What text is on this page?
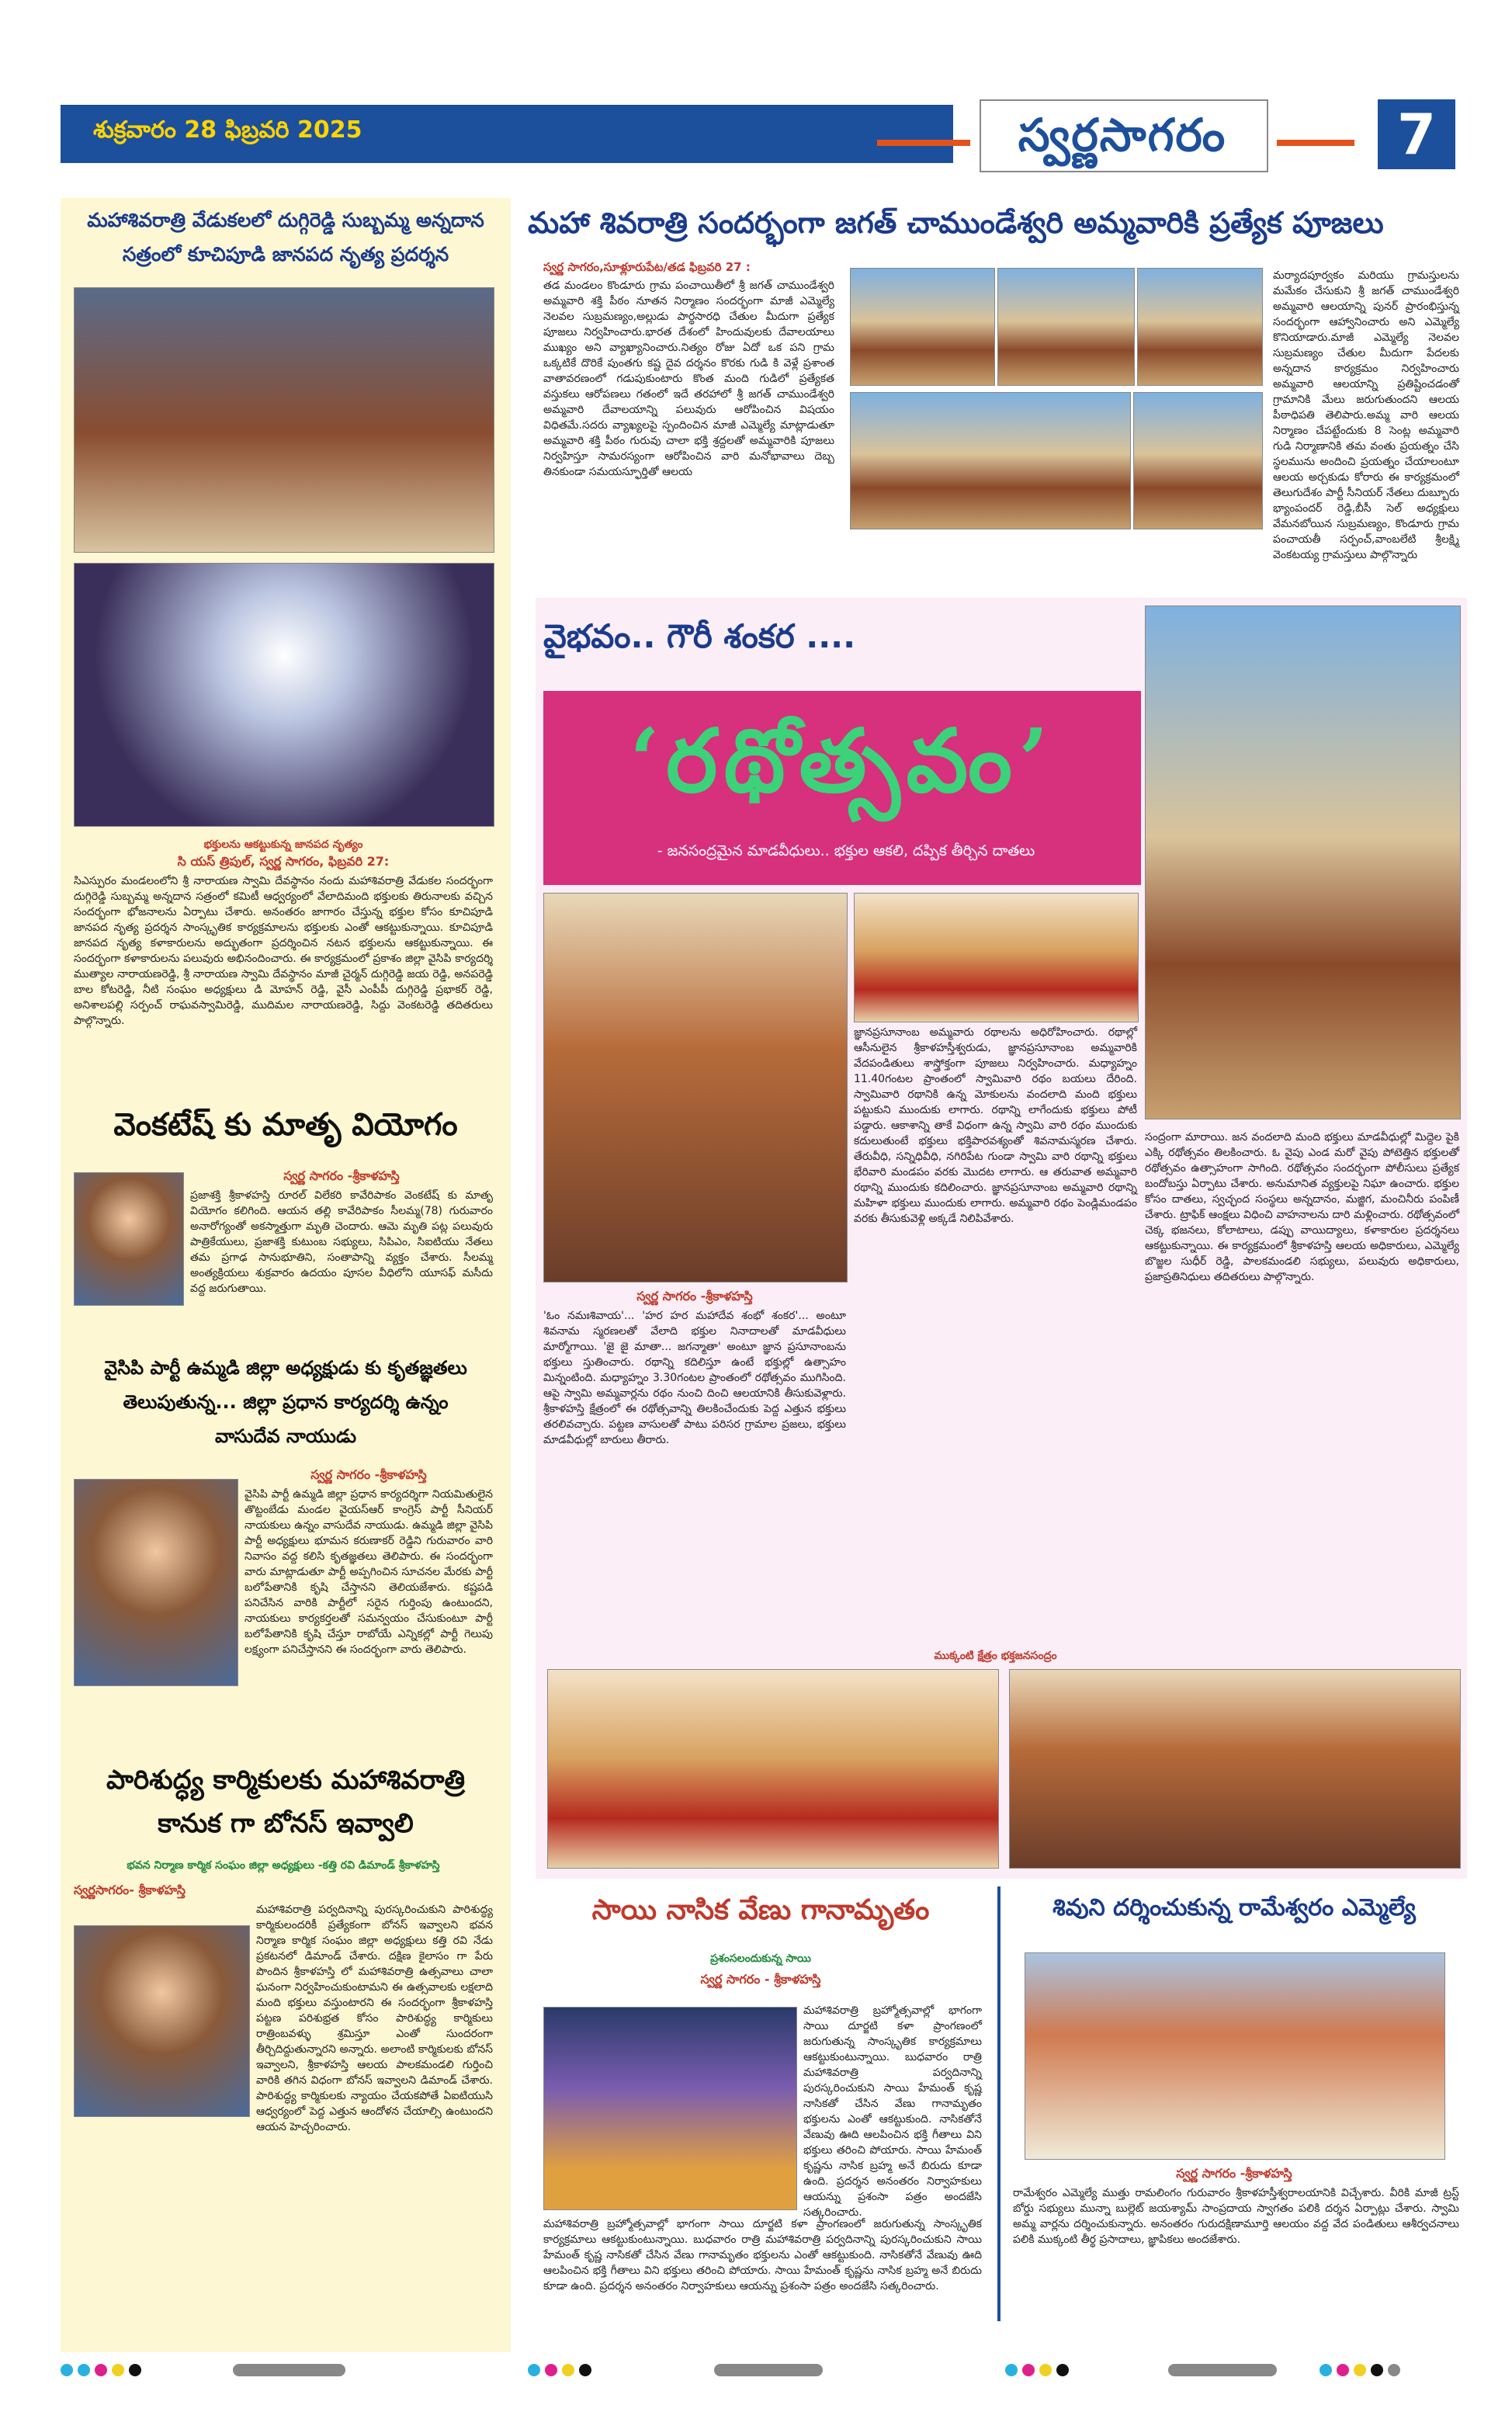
శుక్రవారం 28 ఫిబ్రవరి 2025	స్వర్ణసాగరం	7
మహాశివరాత్రి వేడుకలలో దుగ్గిరెడ్డి సుబ్బమ్మ అన్నదాన
సత్రంలో కూచిపూడి జానపద నృత్య ప్రదర్శన
భక్తులను ఆకట్టుకున్న జానపద నృత్యం
సి యస్ త్రిపుల్, స్వర్ణ సాగరం, ఫిబ్రవరి 27:
సిఎస్పురం మండలంలోని శ్రీ నారాయణ స్వామి దేవస్థానం నందు మహాశివరాత్రి వేడుకల సందర్భంగా దుగ్గిరెడ్డి సుబ్బమ్మ అన్నదాన సత్రంలో కమిటీ ఆధ్వర్యంలో వేలాదిమంది భక్తులకు తిరునాలకు వచ్చిన సందర్భంగా భోజనాలను ఏర్పాటు చేశారు. అనంతరం జాగారం చేస్తున్న భక్తుల కోసం కూచిపూడి జానపద నృత్య ప్రదర్శన సాంస్కృతిక కార్యక్రమాలను భక్తులకు ఎంతో ఆకట్టుకున్నాయి. కూచిపూడి జానపద నృత్య కళాకారులను అద్భుతంగా ప్రదర్శించిన నటన భక్తులను ఆకట్టుకున్నాయి. ఈ సందర్భంగా కళాకారులను పలువురు అభినందించారు. ఈ కార్యక్రమంలో ప్రకాశం జిల్లా వైసిపి కార్యదర్శి ముత్యాల నారాయణరెడ్డి, శ్రీ నారాయణ స్వామి దేవస్థానం మాజీ చైర్మన్ దుగ్గిరెడ్డి జయ రెడ్డి, అనపరెడ్డి బాల కోటరెడ్డి, నీటి సంఘం అధ్యక్షులు డి మోహన్ రెడ్డి, వైసీ ఎంపీపీ దుగ్గిరెడ్డి ప్రభాకర్ రెడ్డి, అనిశాలపల్లి సర్పంచ్ రాఘవస్వామిరెడ్డి, ముదిమల నారాయణరెడ్డి, సిద్దు వెంకటరెడ్డి తదితరులు పాల్గొన్నారు.
వెంకటేష్ కు మాతృ వియోగం
స్వర్ణ సాగరం -శ్రీకాళహస్తి
ప్రజాశక్తి శ్రీకాళహస్తి రూరల్ విలేకరి కావేరిపాకం వెంకటేష్ కు మాతృ వియోగం కలిగింది. ఆయన తల్లి కావేరిపాకం సీలమ్మ(78) గురువారం అనారోగ్యంతో అకస్మాత్తుగా మృతి చెందారు. ఆమె మృతి పట్ల పలువురు పాత్రికేయులు, ప్రజాశక్తి కుటుంబ సభ్యులు, సిపిఎం, సిఐటియు నేతలు తమ ప్రగాఢ సానుభూతిని, సంతాపాన్ని వ్యక్తం చేశారు. సీలమ్మ అంత్యక్రియలు శుక్రవారం ఉదయం పూసల వీధిలోని యూసఫ్ మసీదు వద్ద జరుగుతాయి.
వైసిపి పార్టీ ఉమ్మడి జిల్లా అధ్యక్షుడు కు కృతజ్ఞతలు
తెలుపుతున్న... జిల్లా ప్రధాన కార్యదర్శి ఉన్నం
వాసుదేవ నాయుడు
స్వర్ణ సాగరం -శ్రీకాళహస్తి
వైసిపి పార్టీ ఉమ్మడి జిల్లా ప్రధాన కార్యదర్శిగా నియమితులైన తొట్టంబేడు మండల వైయస్ఆర్ కాంగ్రెస్ పార్టీ సీనియర్ నాయకులు ఉన్నం వాసుదేవ నాయుడు. ఉమ్మడి జిల్లా వైసిపి పార్టీ అధ్యక్షులు భూమన కరుణాకర్ రెడ్డిని గురువారం వారి నివాసం వద్ద కలిసి కృతజ్ఞతలు తెలిపారు. ఈ సందర్భంగా వారు మాట్లాడుతూ పార్టీ అప్పగించిన సూచనల మేరకు పార్టీ బలోపేతానికి కృషి చేస్తానని తెలియజేశారు. కష్టపడి పనిచేసిన వారికి పార్టీలో సరైన గుర్తింపు ఉంటుందని, నాయకులు కార్యకర్తలతో సమన్వయం చేసుకుంటూ పార్టీ బలోపేతానికి కృషి చేస్తూ రాబోయే ఎన్నికల్లో పార్టీ గెలుపు లక్ష్యంగా పనిచేస్తానని ఈ సందర్భంగా వారు తెలిపారు.
పారిశుద్ధ్య కార్మికులకు మహాశివరాత్రి
కానుక గా బోనస్ ఇవ్వాలి
భవన నిర్మాణ కార్మిక సంఘం జిల్లా అధ్యక్షులు -కత్తి రవి డిమాండ్ శ్రీకాళహస్తి
స్వర్ణసాగరం- శ్రీకాళహస్తి
మహాశివరాత్రి పర్వదినాన్ని పురస్కరించుకుని పారిశుద్ధ్య కార్మికులందరికీ ప్రత్యేకంగా బోనస్ ఇవ్వాలని భవన నిర్మాణ కార్మిక సంఘం జిల్లా అధ్యక్షులు కత్తి రవి నేడు ప్రకటనలో డిమాండ్ చేశారు. దక్షిణ కైలాసం గా పేరు పొందిన శ్రీకాళహస్తి లో మహాశివరాత్రి ఉత్సవాలు చాలా ఘనంగా నిర్వహించుకుంటామని ఈ ఉత్సవాలకు లక్షలాది మంది భక్తులు వస్తుంటారని ఈ సందర్భంగా శ్రీకాళహస్తి పట్టణ పరిశుభ్రత కోసం పారిశుద్ధ్య కార్మికులు రాత్రింబవళ్ళు శ్రమిస్తూ ఎంతో సుందరంగా తీర్చిదిద్దుతున్నారని అన్నారు. అలాంటి కార్మికులకు బోనస్ ఇవ్వాలని, శ్రీకాళహస్తి ఆలయ పాలకమండలి గుర్తించి వారికి తగిన విధంగా బోనస్ ఇవ్వాలని డిమాండ్ చేశారు. పారిశుద్ధ్య కార్మికులకు న్యాయం చేయకపోతే ఏఐటియుసి ఆధ్వర్యంలో పెద్ద ఎత్తున ఆందోళన చేయాల్సి ఉంటుందని ఆయన హెచ్చరించారు.
మహా శివరాత్రి సందర్భంగా జగత్ చాముండేశ్వరి అమ్మవారికి ప్రత్యేక పూజలు
స్వర్ణ సాగరం,సూళ్లూరుపేట/తడ ఫిబ్రవరి 27 :
తడ మండలం కొండూరు గ్రామ పంచాయితీలో శ్రీ జగత్ చాముండేశ్వరి అమ్మవారి శక్తి పీఠం నూతన నిర్మాణం సందర్భంగా మాజీ ఎమ్మెల్యే నెలవల సుబ్రమణ్యం,అల్లుడు పార్థసారధి చేతుల మీదుగా ప్రత్యేక పూజలు నిర్వహించారు.భారత దేశంలో హిందువులకు దేవాలయాలు ముఖ్యం అని వ్యాఖ్యానించారు.నిత్యం రోజు ఏదో ఒక పని గ్రామ ఒక్కటికే దొరికే పుంతగు కష్ట దైవ దర్శనం కొరకు గుడి కి వెళ్లే ప్రశాంత వాతావరణంలో గడుపుకుంటారు కొంత మంది గుడిలో ప్రత్యేకత వస్తుకలు ఆరోపణలు గతంలో ఇదే తరహాలో శ్రీ జగత్ చాముండేశ్వరి అమ్మవారి దేవాలయాన్ని పలువురు ఆరోపించిన విషయం విధితమే.సదరు వ్యాఖ్యలపై స్పందించిన మాజీ ఎమ్మెల్యే మాట్లాడుతూ అమ్మవారి శక్తి పీఠం గురువు చాలా భక్తి శ్రద్దలతో అమ్మవారికి పూజలు నిర్వహిస్తూ సామరస్యంగా ఆరోపించిన వారి మనోభావాలు దెబ్బ తినకుండా సమయస్ఫూర్తితో ఆలయ
మర్యాదపూర్వకం మరియు గ్రామస్తులను మమేకం చేసుకుని శ్రీ జగత్ చాముండేశ్వరి అమ్మవారి ఆలయాన్ని పునర్ ప్రారంభిస్తున్న సందర్భంగా ఆహ్వానించారు అని ఎమ్మెల్యే కొనియాడారు.మాజీ ఎమ్మెల్యే నెలవల సుబ్రమణ్యం చేతుల మీదుగా పేదలకు అన్నదాన కార్యక్రమం నిర్వహించారు అమ్మవారి ఆలయాన్ని ప్రతిష్టించడంతో గ్రామానికి మేలు జరుగుతుందని ఆలయ పీఠాధిపతి తెలిపారు.అమ్మ వారి ఆలయ నిర్మాణం చేపట్టేందుకు 8 సెంట్ల అమ్మవారి గుడి నిర్మాణానికి తమ వంతు ప్రయత్నం చేసి స్థలమును అందించి ప్రయత్నం చేయాలంటూ ఆలయ అర్చకుడు కోరారు ఈ కార్యక్రమంలో తెలుగుదేశం పార్టీ సీనియర్ నేతలు దుబ్బూరు భ్యాంపందర్ రెడ్డి,బీసీ సెల్ అధ్యక్షులు వేమనబోయిన సుబ్రమణ్యం, కొండూరు గ్రామ పంచాయతీ సర్పంచ్,వాంబలేటి శ్రీలక్ష్మి వెంకటయ్య గ్రామస్తులు పాల్గొన్నారు
వైభవం.. గౌరీ శంకర ....
‘రథోత్సవం’
- జనసంద్రమైన మాడవీధులు.. భక్తుల ఆకలి, దప్పిక తీర్చిన దాతలు
జ్ఞానప్రసూనాంబ అమ్మవారు రథాలను అధిరోహించారు. రథాల్లో ఆసీనులైన శ్రీకాళహస్తీశ్వరుడు, జ్ఞానప్రసూనాంబ అమ్మవారికి వేదపండితులు శాస్త్రోక్తంగా పూజలు నిర్వహించారు. మధ్యాహ్నం 11.40గంటల ప్రాంతంలో స్వామివారి రథం బయలు దేరింది. స్వామివారి రథానికి ఉన్న మోకులను వందలాది మంది భక్తులు పట్టుకుని ముందుకు లాగారు. రథాన్ని లాగేందుకు భక్తులు పోటీ పడ్డారు. ఆకాశాన్ని తాకే విధంగా ఉన్న స్వామి వారి రథం ముందుకు కదులుతుంటే భక్తులు భక్తిపారవశ్యంతో శివనామస్మరణ చేశారు. తేరువీధి, సన్నిధివీధి, నగిరిపేట గుండా స్వామి వారి రథాన్ని భక్తులు భేరివారి మండపం వరకు మొదట లాగారు. ఆ తరువాత అమ్మవారి రథాన్ని ముందుకు కదిలించారు. జ్ఞానప్రసూనాంబ అమ్మవారి రథాన్ని మహిళా భక్తులు ముందుకు లాగారు. అమ్మవారి రథం పెండ్లిమండపం వరకు తీసుకువెళ్లి అక్కడే నిలిపివేశారు.
స్వర్ణ సాగరం -శ్రీకాళహస్తి
'ఓం నమఃశివాయ'... 'హర హర మహాదేవ శంభో శంకర'... అంటూ శివనామ స్మరణలతో వేలాది భక్తుల నినాదాలతో మాడవీధులు మార్మోగాయి. 'జై జై మాతా... జగన్మాతా' అంటూ జ్ఞాన ప్రసూనాంబను భక్తులు స్తుతించారు. రథాన్ని కదిలిస్తూ ఉంటే భక్తుల్లో ఉత్సాహం మిన్నంటింది. మధ్యాహ్నం 3.30గంటల ప్రాంతంలో రథోత్సవం ముగిసింది. ఆపై స్వామి అమ్మవార్లను రథం నుంచి దించి ఆలయానికి తీసుకువెళ్లారు. శ్రీకాళహస్తి క్షేత్రంలో ఈ రథోత్సవాన్ని తిలకించేందుకు పెద్ద ఎత్తున భక్తులు తరలివచ్చారు. పట్టణ వాసులతో పాటు పరిసర గ్రామాల ప్రజలు, భక్తులు మాడవీధుల్లో బారులు తీరారు.
సంద్రంగా మారాయి. జన వందలాది మంది భక్తులు మాడవీధుల్లో మిద్దెల పైకి ఎక్కి రథోత్సవం తిలకించారు. ఓ వైపు ఎండ మరో వైపు పోటెత్తిన భక్తులతో రథోత్సవం ఉత్సాహంగా సాగింది. రథోత్సవం సందర్భంగా పోలీసులు ప్రత్యేక బందోబస్తు ఏర్పాటు చేశారు. అనుమానిత వ్యక్తులపై నిఘా ఉంచారు. భక్తుల కోసం దాతలు, స్వచ్ఛంద సంస్థలు అన్నదానం, మజ్జిగ, మంచినీరు పంపిణీ చేశారు. ట్రాఫిక్ ఆంక్షలు విధించి వాహనాలను దారి మళ్లించారు. రథోత్సవంలో చెక్క భజనలు, కోలాటాలు, డప్పు వాయిద్యాలు, కళాకారుల ప్రదర్శనలు ఆకట్టుకున్నాయి. ఈ కార్యక్రమంలో శ్రీకాళహస్తి ఆలయ అధికారులు, ఎమ్మెల్యే బొజ్జల సుధీర్ రెడ్డి, పాలకమండలి సభ్యులు, పలువురు అధికారులు, ప్రజాప్రతినిధులు తదితరులు పాల్గొన్నారు.
ముక్కంటి క్షేత్రం భక్తజనసంద్రం
సాయి నాసిక వేణు గానామృతం
ప్రశంసలందుకున్న సాయి
స్వర్ణ సాగరం - శ్రీకాళహస్తి
మహాశివరాత్రి బ్రహ్మోత్సవాల్లో భాగంగా సాయి దూర్జటి కళా ప్రాంగణంలో జరుగుతున్న సాంస్కృతిక కార్యక్రమాలు ఆకట్టుకుంటున్నాయి. బుధవారం రాత్రి మహాశివరాత్రి పర్వదినాన్ని పురస్కరించుకుని సాయి హేమంత్ కృష్ణ నాసికతో చేసిన వేణు గానామృతం భక్తులను ఎంతో ఆకట్టుకుంది. నాసికతోనే వేణువు ఊది ఆలపించిన భక్తి గీతాలు విని భక్తులు తరించి పోయారు. సాయి హేమంత్ కృష్ణను నాసిక బ్రహ్మ అనే బిరుదు కూడా ఉంది. ప్రదర్శన అనంతరం నిర్వాహకులు ఆయన్ను ప్రశంసా పత్రం అందజేసి సత్కరించారు.
మహాశివరాత్రి బ్రహ్మోత్సవాల్లో భాగంగా సాయి దూర్జటి కళా ప్రాంగణంలో జరుగుతున్న సాంస్కృతిక కార్యక్రమాలు ఆకట్టుకుంటున్నాయి. బుధవారం రాత్రి మహాశివరాత్రి పర్వదినాన్ని పురస్కరించుకుని సాయి హేమంత్ కృష్ణ నాసికతో చేసిన వేణు గానామృతం భక్తులను ఎంతో ఆకట్టుకుంది. నాసికతోనే వేణువు ఊది ఆలపించిన భక్తి గీతాలు విని భక్తులు తరించి పోయారు. సాయి హేమంత్ కృష్ణను నాసిక బ్రహ్మ అనే బిరుదు కూడా ఉంది. ప్రదర్శన అనంతరం నిర్వాహకులు ఆయన్ను ప్రశంసా పత్రం అందజేసి సత్కరించారు.
శివుని దర్శించుకున్న రామేశ్వరం ఎమ్మెల్యే
స్వర్ణ సాగరం -శ్రీకాళహస్తి
రామేశ్వరం ఎమ్మెల్యే ముత్తు రామలింగం గురువారం శ్రీకాళహస్తీశ్వరాలయానికి విచ్చేశారు. వీరికి మాజీ ట్రస్ట్ బోర్డు సభ్యులు మున్నా బుల్లెట్ జయశ్యామ్ సాంప్రదాయ స్వాగతం పలికి దర్శన ఏర్పాట్లు చేశారు. స్వామి అమ్మ వార్లను దర్శించుకున్నారు. అనంతరం గురుదక్షిణామూర్తి ఆలయం వద్ద వేద పండితులు ఆశీర్వచనాలు పలికి ముక్కంటి తీర్థ ప్రసాదాలు, జ్ఞాపికలు అందజేశారు.
